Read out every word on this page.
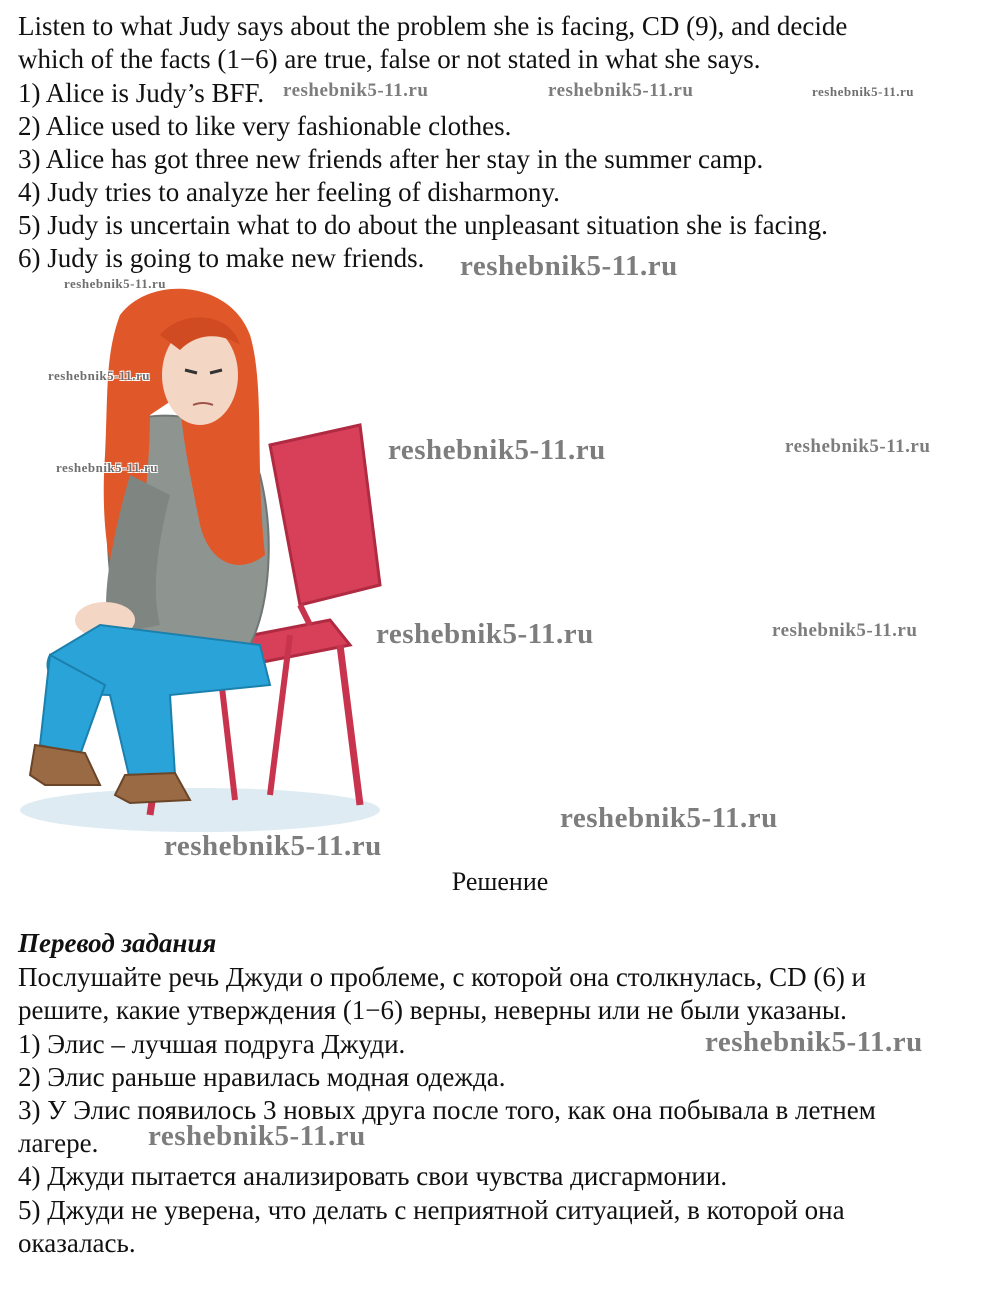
Listen to what Judy says about the problem she is facing, CD (9), and decide
which of the facts (1−6) are true, false or not stated in what she says.
1) Alice is Judy’s BFF.
2) Alice used to like very fashionable clothes.
3) Alice has got three new friends after her stay in the summer camp.
4) Judy tries to analyze her feeling of disharmony.
5) Judy is uncertain what to do about the unpleasant situation she is facing.
6) Judy is going to make new friends.
Решение
Перевод задания
Послушайте речь Джуди о проблеме, с которой она столкнулась, CD (6) и
решите, какие утверждения (1−6) верны, неверны или не были указаны.
1) Элис – лучшая подруга Джуди.
2) Элис раньше нравилась модная одежда.
3) У Элис появилось 3 новых друга после того, как она побывала в летнем
лагере.
4) Джуди пытается анализировать свои чувства дисгармонии.
5) Джуди не уверена, что делать с неприятной ситуацией, в которой она
оказалась.
reshebnik5-11.ru	reshebnik5-11.ru	reshebnik5-11.ru
reshebnik5-11.ru
reshebnik5-11.ru
reshebnik5-11.ru
reshebnik5-11.ru	reshebnik5-11.ru
reshebnik5-11.ru
reshebnik5-11.ru	reshebnik5-11.ru
reshebnik5-11.ru
reshebnik5-11.ru
reshebnik5-11.ru
reshebnik5-11.ru
